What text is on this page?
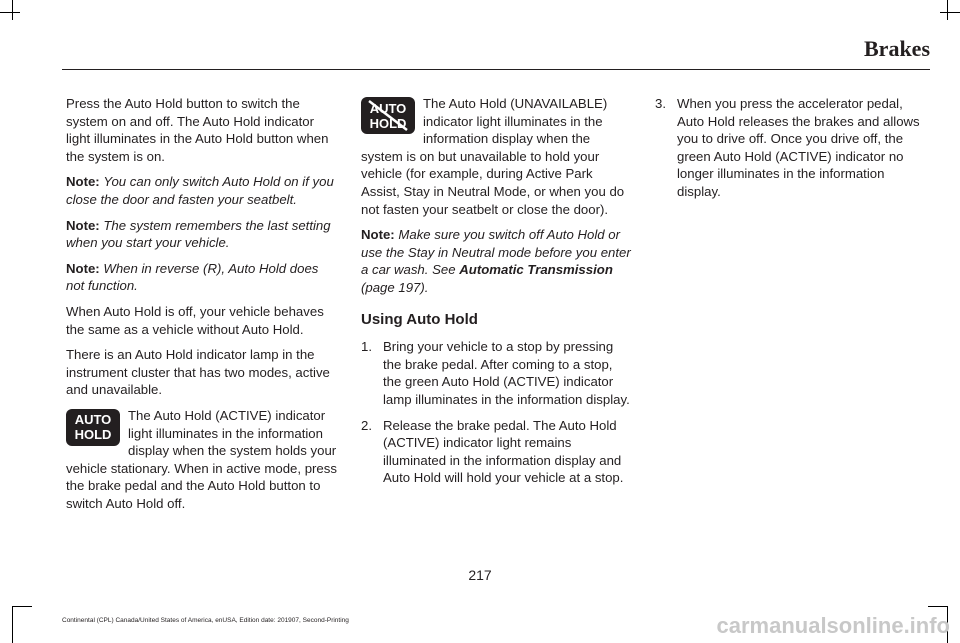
Brakes

Press the Auto Hold button to switch the system on and off. The Auto Hold indicator light illuminates in the Auto Hold button when the system is on.

Note: You can only switch Auto Hold on if you close the door and fasten your seatbelt.

Note: The system remembers the last setting when you start your vehicle.

Note: When in reverse (R), Auto Hold does not function.

When Auto Hold is off, your vehicle behaves the same as a vehicle without Auto Hold.

There is an Auto Hold indicator lamp in the instrument cluster that has two modes, active and unavailable.

AUTO
HOLD

The Auto Hold (ACTIVE) indicator light illuminates in the information display when the system holds your vehicle stationary. When in active mode, press the brake pedal and the Auto Hold button to switch Auto Hold off.

AUTO
HOLD

The Auto Hold (UNAVAILABLE) indicator light illuminates in the information display when the system is on but unavailable to hold your vehicle (for example, during Active Park Assist, Stay in Neutral Mode, or when you do not fasten your seatbelt or close the door).

Note: Make sure you switch off Auto Hold or use the Stay in Neutral mode before you enter a car wash. See Automatic Transmission (page 197).

Using Auto Hold
1. Bring your vehicle to a stop by pressing the brake pedal. After coming to a stop, the green Auto Hold (ACTIVE) indicator lamp illuminates in the information display.
2. Release the brake pedal. The Auto Hold (ACTIVE) indicator light remains illuminated in the information display and Auto Hold will hold your vehicle at a stop.
3. When you press the accelerator pedal, Auto Hold releases the brakes and allows you to drive off. Once you drive off, the green Auto Hold (ACTIVE) indicator no longer illuminates in the information display.
217
Continental (CPL) Canada/United States of America, enUSA, Edition date: 201907, Second-Printing	carmanualsonline.info
